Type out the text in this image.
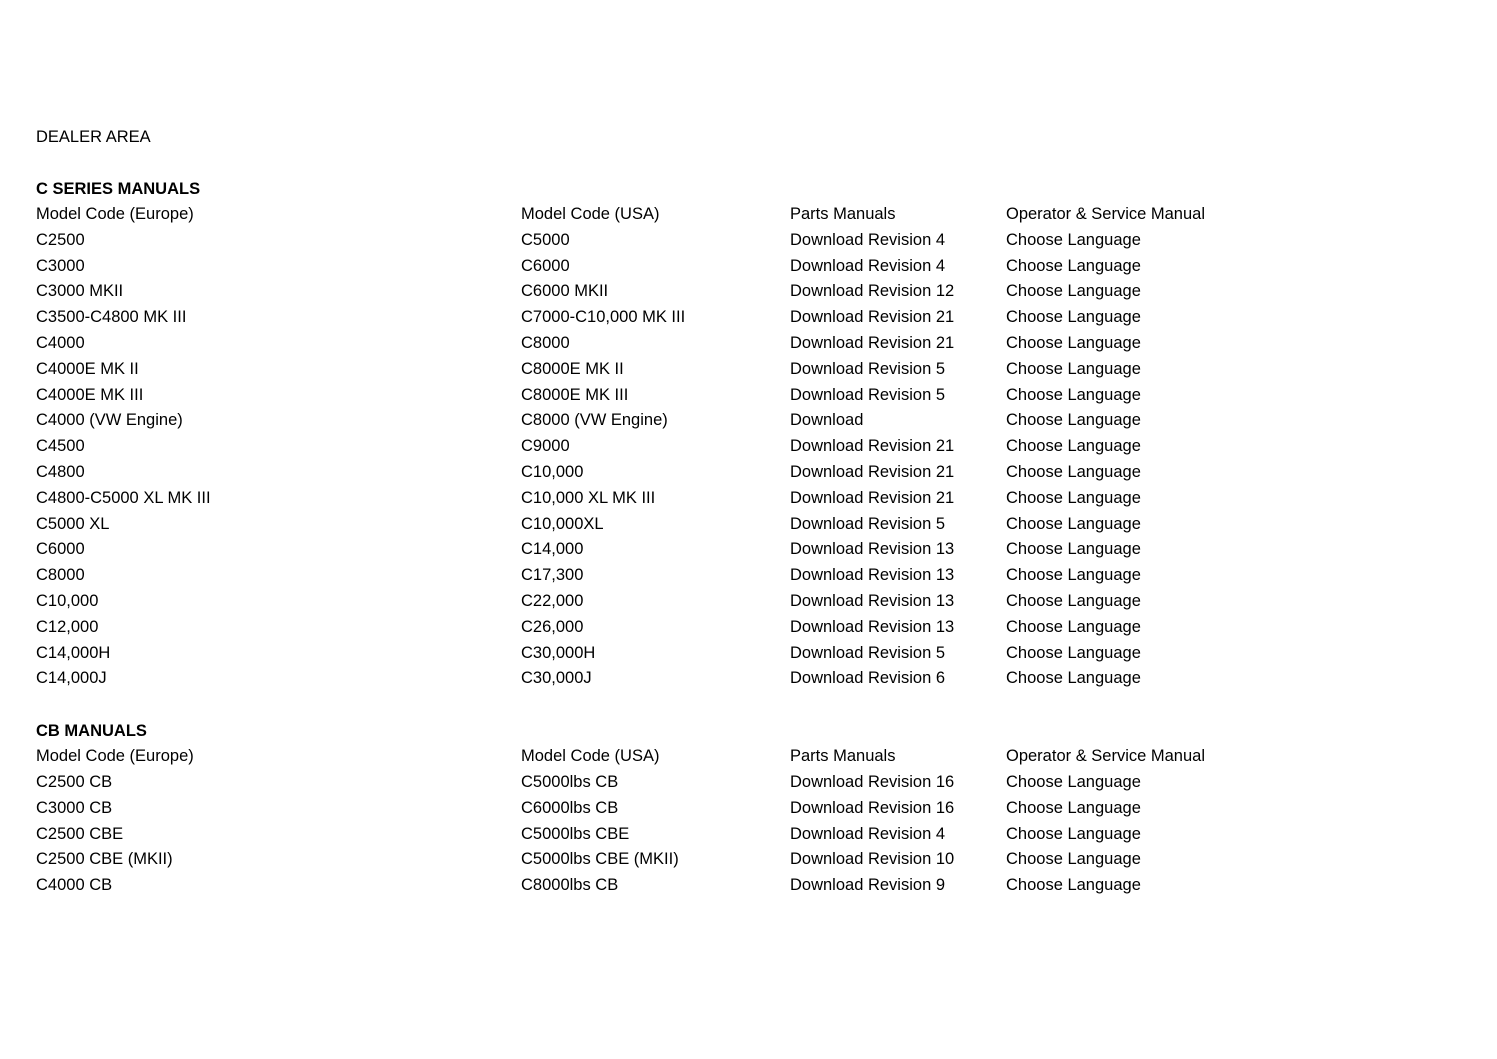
DEALER AREA
C SERIES MANUALS
Model Code (Europe)	Model Code (USA)	Parts Manuals	Operator & Service Manual
C2500	C5000	Download Revision 4	Choose Language
C3000	C6000	Download Revision 4	Choose Language
C3000 MKII	C6000 MKII	Download Revision 12	Choose Language
C3500-C4800 MK III	C7000-C10,000 MK III	Download Revision 21	Choose Language
C4000	C8000	Download Revision 21	Choose Language
C4000E MK II	C8000E MK II	Download Revision 5	Choose Language
C4000E MK III	C8000E MK III	Download Revision 5	Choose Language
C4000 (VW Engine)	C8000 (VW Engine)	Download	Choose Language
C4500	C9000	Download Revision 21	Choose Language
C4800	C10,000	Download Revision 21	Choose Language
C4800-C5000 XL MK III	C10,000 XL MK III	Download Revision 21	Choose Language
C5000 XL	C10,000XL	Download Revision 5	Choose Language
C6000	C14,000	Download Revision 13	Choose Language
C8000	C17,300	Download Revision 13	Choose Language
C10,000	C22,000	Download Revision 13	Choose Language
C12,000	C26,000	Download Revision 13	Choose Language
C14,000H	C30,000H	Download Revision 5	Choose Language
C14,000J	C30,000J	Download Revision 6	Choose Language
CB MANUALS
Model Code (Europe)	Model Code (USA)	Parts Manuals	Operator & Service Manual
C2500 CB	C5000lbs CB	Download Revision 16	Choose Language
C3000 CB	C6000lbs CB	Download Revision 16	Choose Language
C2500 CBE	C5000lbs CBE	Download Revision 4	Choose Language
C2500 CBE (MKII)	C5000lbs CBE (MKII)	Download Revision 10	Choose Language
C4000 CB	C8000lbs CB	Download Revision 9	Choose Language
